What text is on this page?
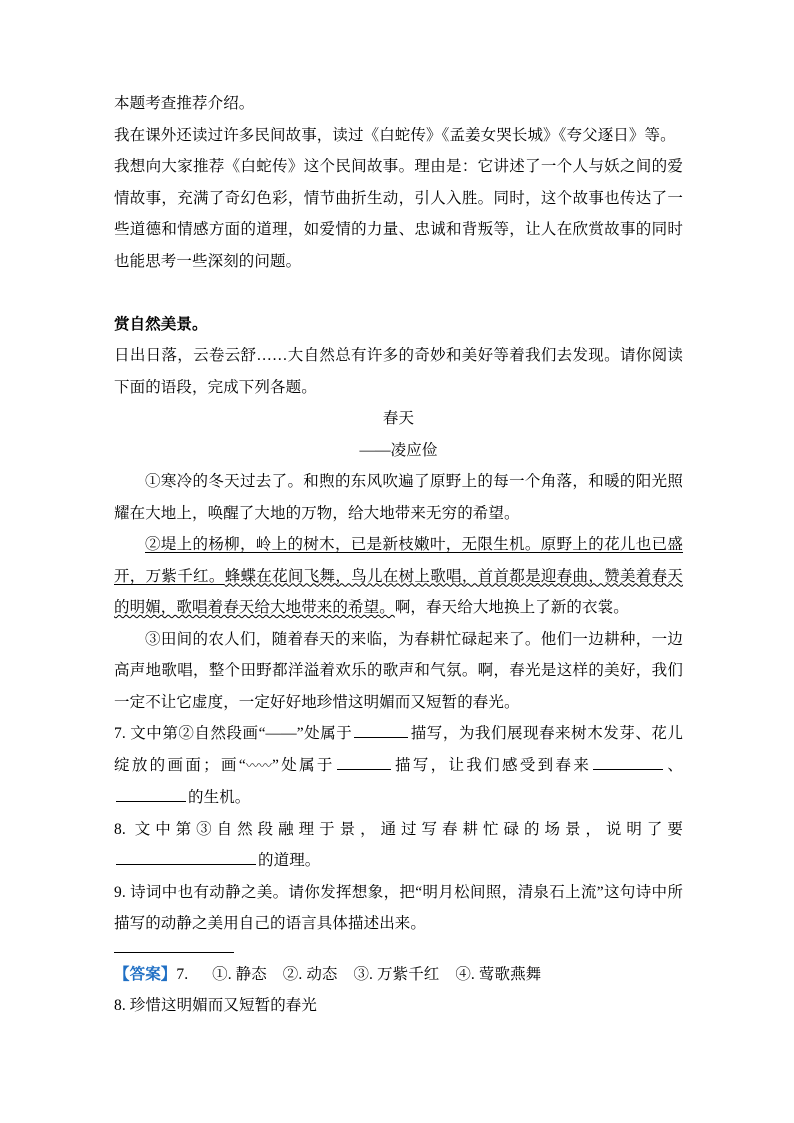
本题考查推荐介绍。

我在课外还读过许多民间故事，读过《白蛇传》《孟姜女哭长城》《夸父逐日》等。

我想向大家推荐《白蛇传》这个民间故事。理由是：它讲述了一个人与妖之间的爱情故事，充满了奇幻色彩，情节曲折生动，引人入胜。同时，这个故事也传达了一些道德和情感方面的道理，如爱情的力量、忠诚和背叛等，让人在欣赏故事的同时也能思考一些深刻的问题。

赏自然美景。

日出日落，云卷云舒……大自然总有许多的奇妙和美好等着我们去发现。请你阅读下面的语段，完成下列各题。

春天

——凌应俭

①寒冷的冬天过去了。和煦的东风吹遍了原野上的每一个角落，和暖的阳光照耀在大地上，唤醒了大地的万物，给大地带来无穷的希望。

②堤上的杨柳，岭上的树木，已是新枝嫩叶，无限生机。原野上的花儿也已盛开，万紫千红。蜂蝶在花间飞舞，鸟儿在树上歌唱，首首都是迎春曲，赞美着春天的明媚，歌唱着春天给大地带来的希望。啊，春天给大地换上了新的衣裳。

③田间的农人们，随着春天的来临，为春耕忙碌起来了。他们一边耕种，一边高声地歌唱，整个田野都洋溢着欢乐的歌声和气氛。啊，春光是这样的美好，我们一定不让它虚度，一定好好地珍惜这明媚而又短暂的春光。

7. 文中第②自然段画“——”处属于	描写，为我们展现春来树木发芽、花儿绽放的画面；画“〰〰”处属于	描写，让我们感受到春来	、的生机。

8. 文中第③自然段融理于景，通过写春耕忙碌的场景，说明了要的道理。

9. 诗词中也有动静之美。请你发挥想象，把“明月松间照，清泉石上流”这句诗中所描写的动静之美用自己的语言具体描述出来。

【答案】7. ①. 静态 ②. 动态 ③. 万紫千红 ④. 莺歌燕舞

8. 珍惜这明媚而又短暂的春光
